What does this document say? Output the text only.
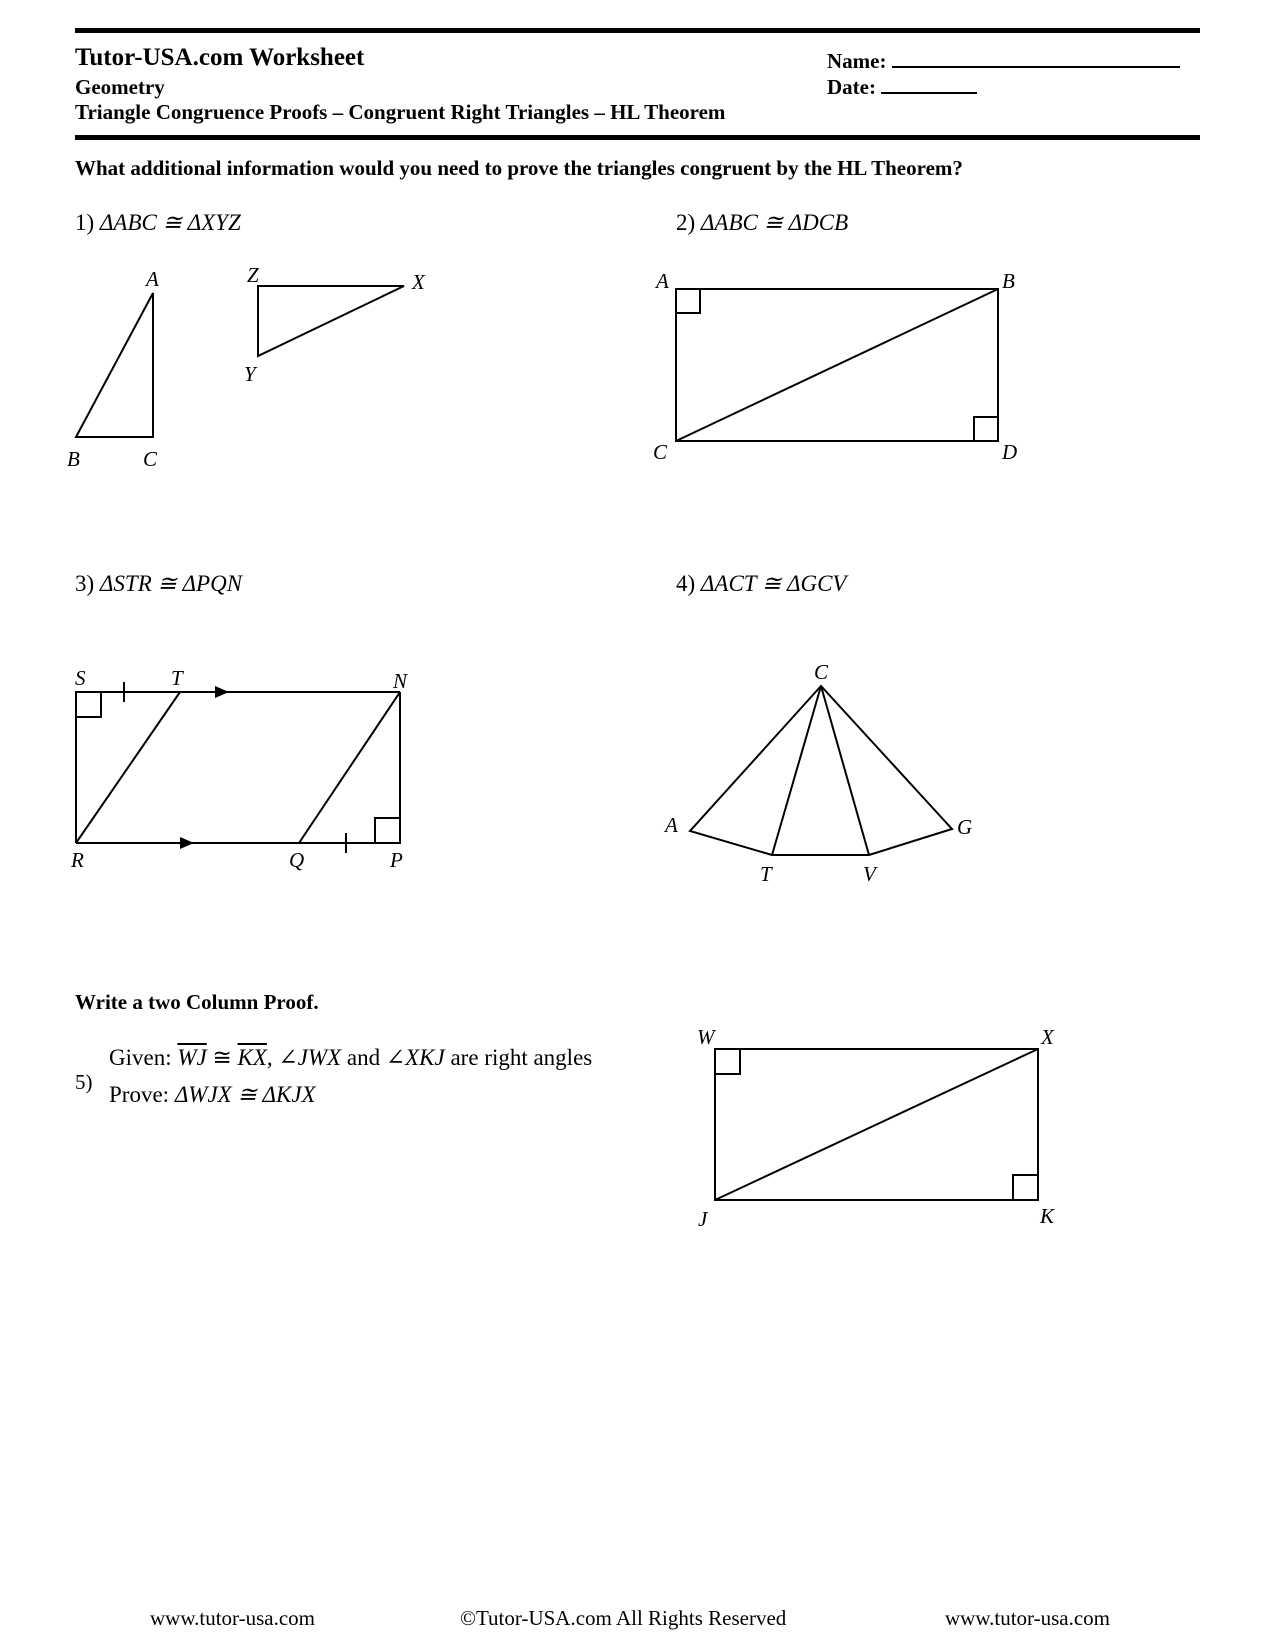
Tutor-USA.com Worksheet
Geometry
Triangle Congruence Proofs – Congruent Right Triangles – HL Theorem
Name:
Date:
What additional information would you need to prove the triangles congruent by the HL Theorem?
1) ΔABC ≅ ΔXYZ	2) ΔABC ≅ ΔDCB
3) ΔSTR ≅ ΔPQN	4) ΔACT ≅ ΔGCV
A
B	C
Z	X
Y
A	B
C	D
S	T	N
R	Q	P
C
A	G
T	V
W	X
J	K
Write a two Column Proof.
5)
Given: $\overline{WJ}$ ≅ $\overline{KX}$, ∠JWX and ∠XKJ are right angles
Prove: ΔWJX ≅ ΔKJX
www.tutor-usa.com	©Tutor-USA.com All Rights Reserved	www.tutor-usa.com
